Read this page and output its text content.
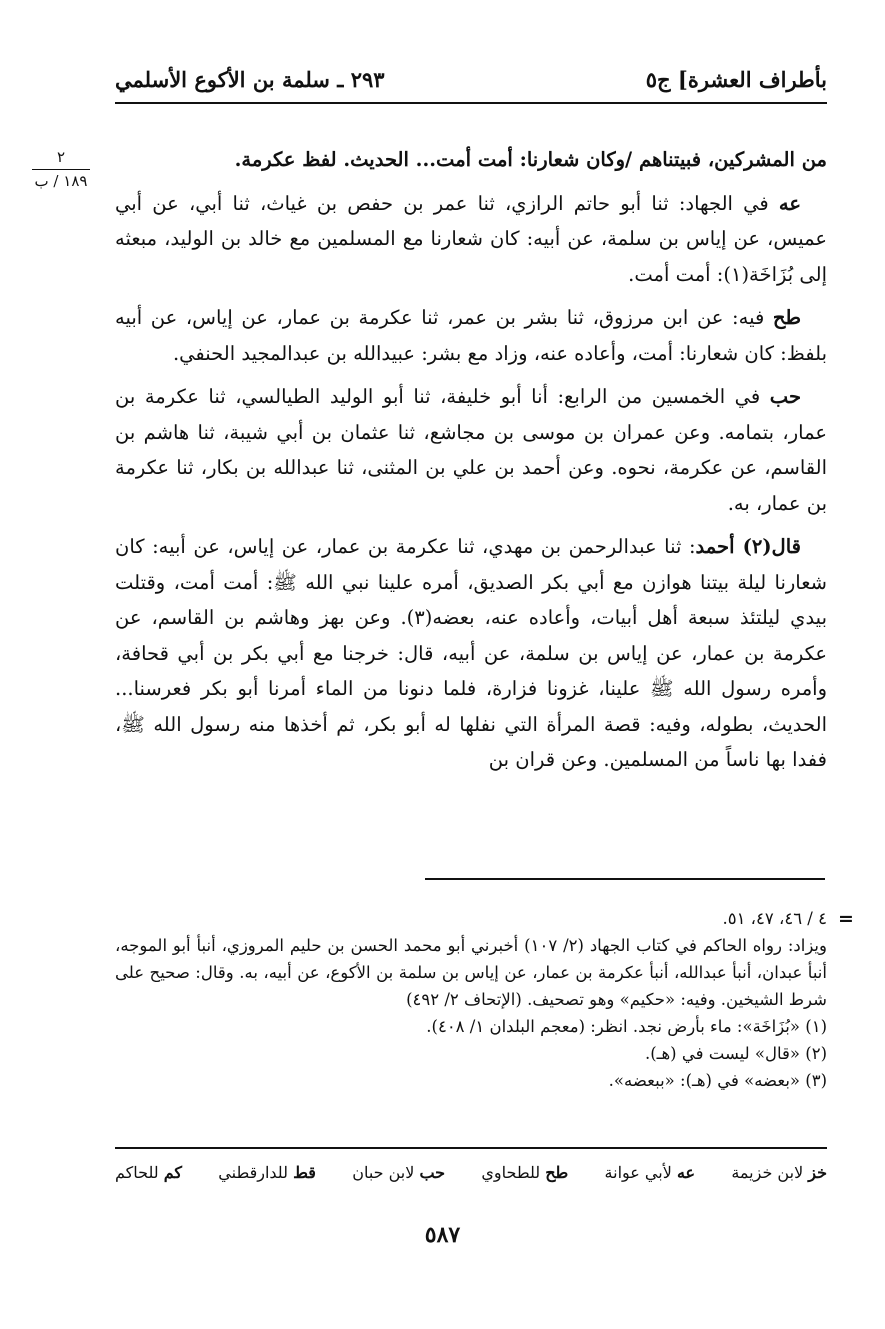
بأطراف العشرة] ج٥
٢٩٣ ـ سلمة بن الأكوع الأسلمي
٢
١٨٩ / ب

من المشركين، فبيتناهم /وكان شعارنا: أمت أمت... الحديث. لفظ عكرمة.

عه في الجهاد: ثنا أبو حاتم الرازي، ثنا عمر بن حفص بن غياث، ثنا أبي، عن أبي عميس، عن إياس بن سلمة، عن أبيه: كان شعارنا مع المسلمين مع خالد بن الوليد، مبعثه إلى بُزَاخَة(١): أمت أمت.

طح فيه: عن ابن مرزوق، ثنا بشر بن عمر، ثنا عكرمة بن عمار، عن إياس، عن أبيه بلفظ: كان شعارنا: أمت، وأعاده عنه، وزاد مع بشر: عبيدالله بن عبدالمجيد الحنفي.

حب في الخمسين من الرابع: أنا أبو خليفة، ثنا أبو الوليد الطيالسي، ثنا عكرمة بن عمار، بتمامه. وعن عمران بن موسى بن مجاشع، ثنا عثمان بن أبي شيبة، ثنا هاشم بن القاسم، عن عكرمة، نحوه. وعن أحمد بن علي بن المثنى، ثنا عبدالله بن بكار، ثنا عكرمة بن عمار، به.

قال(٢) أحمد: ثنا عبدالرحمن بن مهدي، ثنا عكرمة بن عمار، عن إياس، عن أبيه: كان شعارنا ليلة بيتنا هوازن مع أبي بكر الصديق، أمره علينا نبي الله ﷺ: أمت أمت، وقتلت بيدي ليلتئذ سبعة أهل أبيات، وأعاده عنه، بعضه(٣). وعن بهز وهاشم بن القاسم، عن عكرمة بن عمار، عن إياس بن سلمة، عن أبيه، قال: خرجنا مع أبي بكر بن أبي قحافة، وأمره رسول الله ﷺ علينا، غزونا فزارة، فلما دنونا من الماء أمرنا أبو بكر فعرسنا... الحديث، بطوله، وفيه: قصة المرأة التي نفلها له أبو بكر، ثم أخذها منه رسول الله ﷺ، ففدا بها ناساً من المسلمين. وعن قران بن

=

٤ / ٤٦، ٤٧، ٥١.

ويزاد: رواه الحاكم في كتاب الجهاد (٢/ ١٠٧) أخبرني أبو محمد الحسن بن حليم المروزي، أنبأ أبو الموجه، أنبأ عبدان، أنبأ عبدالله، أنبأ عكرمة بن عمار، عن إياس بن سلمة بن الأكوع، عن أبيه، به. وقال: صحيح على شرط الشيخين. وفيه: «حكيم» وهو تصحيف. (الإتحاف ٢/ ٤٩٢)

(١) «بُزَاخَة»: ماء بأرض نجد. انظر: (معجم البلدان ١/ ٤٠٨).

(٢) «قال» ليست في (هـ).

(٣) «بعضه» في (هـ): «ببعضه».

خز لابن خزيمة
عه لأبي عوانة
طح للطحاوي
حب لابن حبان
قط للدارقطني
كم للحاكم
٥٨٧
